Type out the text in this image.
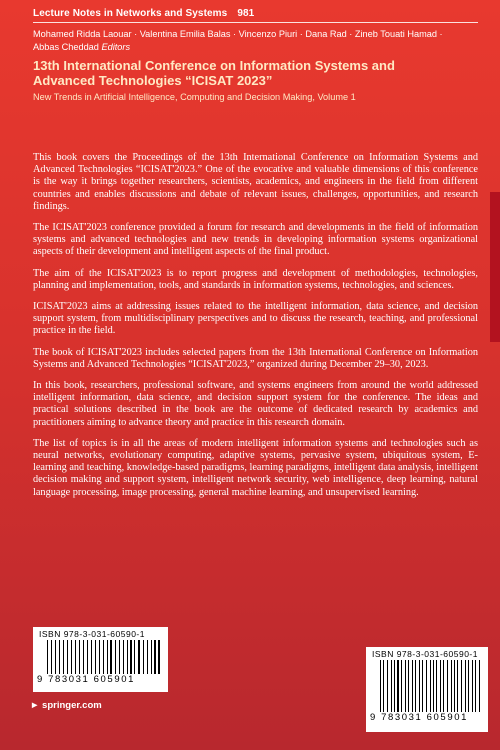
Lecture Notes in Networks and Systems 981
Mohamed Ridda Laouar · Valentina Emilia Balas · Vincenzo Piuri · Dana Rad · Zineb Touati Hamad ·
Abbas Cheddad Editors
13th International Conference on Information Systems and
Advanced Technologies “ICISAT 2023”
New Trends in Artificial Intelligence, Computing and Decision Making, Volume 1

This book covers the Proceedings of the 13th International Conference on Information Systems and Advanced Technologies “ICISAT'2023.” One of the evocative and valuable dimensions of this conference is the way it brings together researchers, scientists, academics, and engineers in the field from different countries and enables discussions and debate of relevant issues, challenges, opportunities, and research findings.

The ICISAT'2023 conference provided a forum for research and developments in the field of information systems and advanced technologies and new trends in developing information systems organizational aspects of their development and intelligent aspects of the final product.

The aim of the ICISAT'2023 is to report progress and development of methodologies, technologies, planning and implementation, tools, and standards in information systems, technologies, and sciences.

ICISAT'2023 aims at addressing issues related to the intelligent information, data science, and decision support system, from multidisciplinary perspectives and to discuss the research, teaching, and professional practice in the field.

The book of ICISAT'2023 includes selected papers from the 13th International Conference on Information Systems and Advanced Technologies “ICISAT'2023,” organized during December 29–30, 2023.

In this book, researchers, professional software, and systems engineers from around the world addressed intelligent information, data science, and decision support system for the conference. The ideas and practical solutions described in the book are the outcome of dedicated research by academics and practitioners aiming to advance theory and practice in this research domain.

The list of topics is in all the areas of modern intelligent information systems and technologies such as neural networks, evolutionary computing, adaptive systems, pervasive system, ubiquitous system, E-learning and teaching, knowledge-based paradigms, learning paradigms, intelligent data analysis, intelligent decision making and support system, intelligent network security, web intelligence, deep learning, natural language processing, image processing, general machine learning, and unsupervised learning.

ISBN 978-3-031-60590-1
9 783031 605901
ISBN 978-3-031-60590-1
9 783031 605901
► springer.com
